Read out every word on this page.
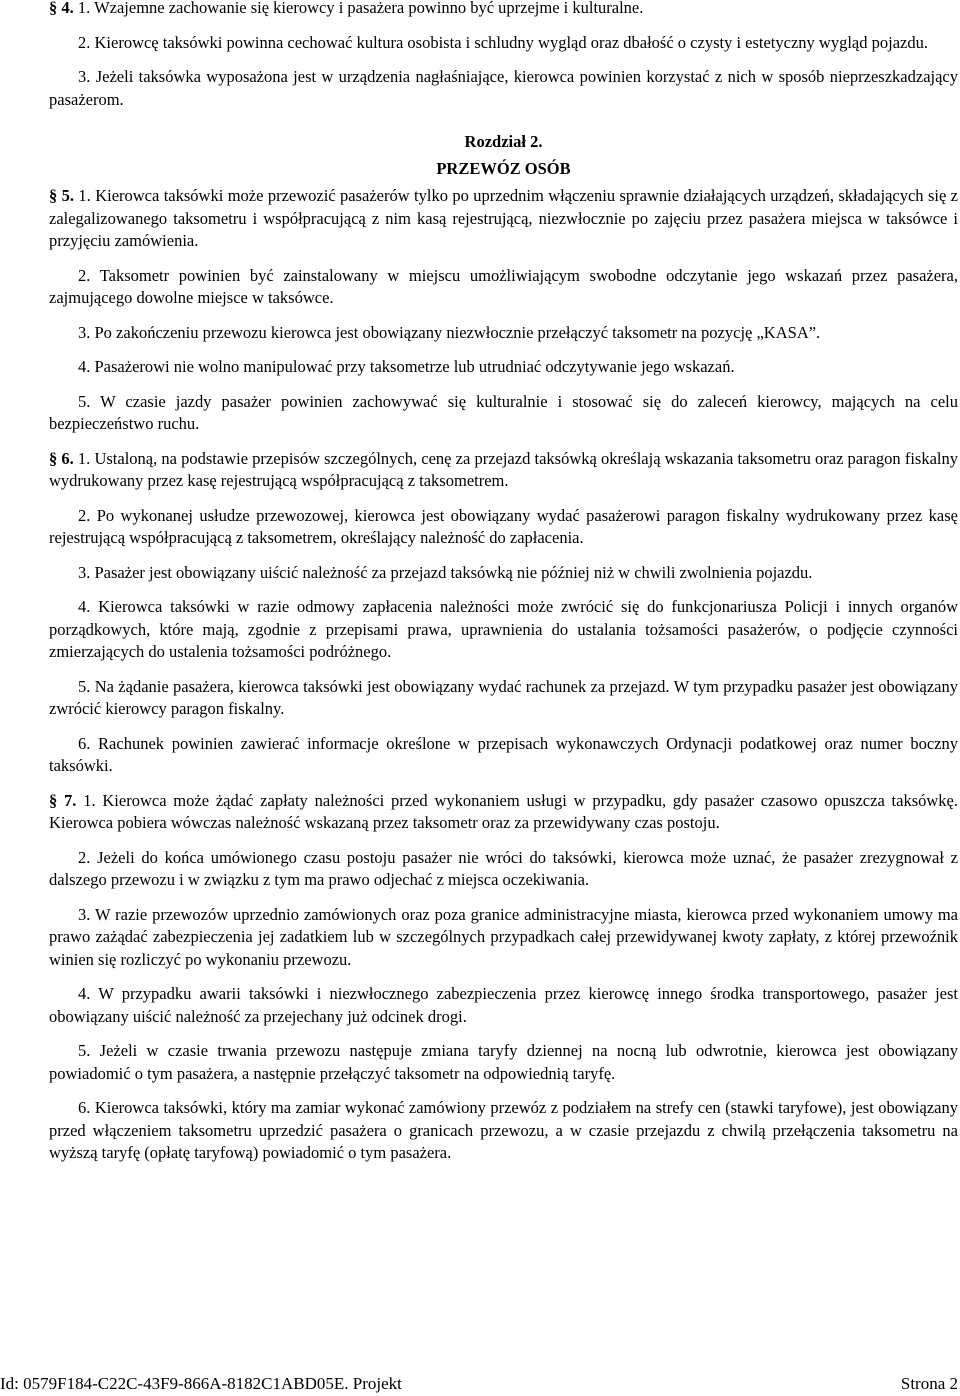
§ 4. 1. Wzajemne zachowanie się kierowcy i pasażera powinno być uprzejme i kulturalne.

2. Kierowcę taksówki powinna cechować kultura osobista i schludny wygląd oraz dbałość o czysty i estetyczny wygląd pojazdu.

3. Jeżeli taksówka wyposażona jest w urządzenia nagłaśniające, kierowca powinien korzystać z nich w sposób nieprzeszkadzający pasażerom.

Rozdział 2.

PRZEWÓZ OSÓB

§ 5. 1. Kierowca taksówki może przewozić pasażerów tylko po uprzednim włączeniu sprawnie działających urządzeń, składających się z zalegalizowanego taksometru i współpracującą z nim kasą rejestrującą, niezwłocznie po zajęciu przez pasażera miejsca w taksówce i przyjęciu zamówienia.

2. Taksometr powinien być zainstalowany w miejscu umożliwiającym swobodne odczytanie jego wskazań przez pasażera, zajmującego dowolne miejsce w taksówce.

3. Po zakończeniu przewozu kierowca jest obowiązany niezwłocznie przełączyć taksometr na pozycję „KASA”.

4. Pasażerowi nie wolno manipulować przy taksometrze lub utrudniać odczytywanie jego wskazań.

5. W czasie jazdy pasażer powinien zachowywać się kulturalnie i stosować się do zaleceń kierowcy, mających na celu bezpieczeństwo ruchu.

§ 6. 1. Ustaloną, na podstawie przepisów szczególnych, cenę za przejazd taksówką określają wskazania taksometru oraz paragon fiskalny wydrukowany przez kasę rejestrującą współpracującą z taksometrem.

2. Po wykonanej usłudze przewozowej, kierowca jest obowiązany wydać pasażerowi paragon fiskalny wydrukowany przez kasę rejestrującą współpracującą z taksometrem, określający należność do zapłacenia.

3. Pasażer jest obowiązany uiścić należność za przejazd taksówką nie później niż w chwili zwolnienia pojazdu.

4. Kierowca taksówki w razie odmowy zapłacenia należności może zwrócić się do funkcjonariusza Policji i innych organów porządkowych, które mają, zgodnie z przepisami prawa, uprawnienia do ustalania tożsamości pasażerów, o podjęcie czynności zmierzających do ustalenia tożsamości podróżnego.

5. Na żądanie pasażera, kierowca taksówki jest obowiązany wydać rachunek za przejazd. W tym przypadku pasażer jest obowiązany zwrócić kierowcy paragon fiskalny.

6. Rachunek powinien zawierać informacje określone w przepisach wykonawczych Ordynacji podatkowej oraz numer boczny taksówki.

§ 7. 1. Kierowca może żądać zapłaty należności przed wykonaniem usługi w przypadku, gdy pasażer czasowo opuszcza taksówkę. Kierowca pobiera wówczas należność wskazaną przez taksometr oraz za przewidywany czas postoju.

2. Jeżeli do końca umówionego czasu postoju pasażer nie wróci do taksówki, kierowca może uznać, że pasażer zrezygnował z dalszego przewozu i w związku z tym ma prawo odjechać z miejsca oczekiwania.

3. W razie przewozów uprzednio zamówionych oraz poza granice administracyjne miasta, kierowca przed wykonaniem umowy ma prawo zażądać zabezpieczenia jej zadatkiem lub w szczególnych przypadkach całej przewidywanej kwoty zapłaty, z której przewoźnik winien się rozliczyć po wykonaniu przewozu.

4. W przypadku awarii taksówki i niezwłocznego zabezpieczenia przez kierowcę innego środka transportowego, pasażer jest obowiązany uiścić należność za przejechany już odcinek drogi.

5. Jeżeli w czasie trwania przewozu następuje zmiana taryfy dziennej na nocną lub odwrotnie, kierowca jest obowiązany powiadomić o tym pasażera, a następnie przełączyć taksometr na odpowiednią taryfę.

6. Kierowca taksówki, który ma zamiar wykonać zamówiony przewóz z podziałem na strefy cen (stawki taryfowe), jest obowiązany przed włączeniem taksometru uprzedzić pasażera o granicach przewozu, a w czasie przejazdu z chwilą przełączenia taksometru na wyższą taryfę (opłatę taryfową) powiadomić o tym pasażera.

Id: 0579F184-C22C-43F9-866A-8182C1ABD05E. Projekt	Strona 2
